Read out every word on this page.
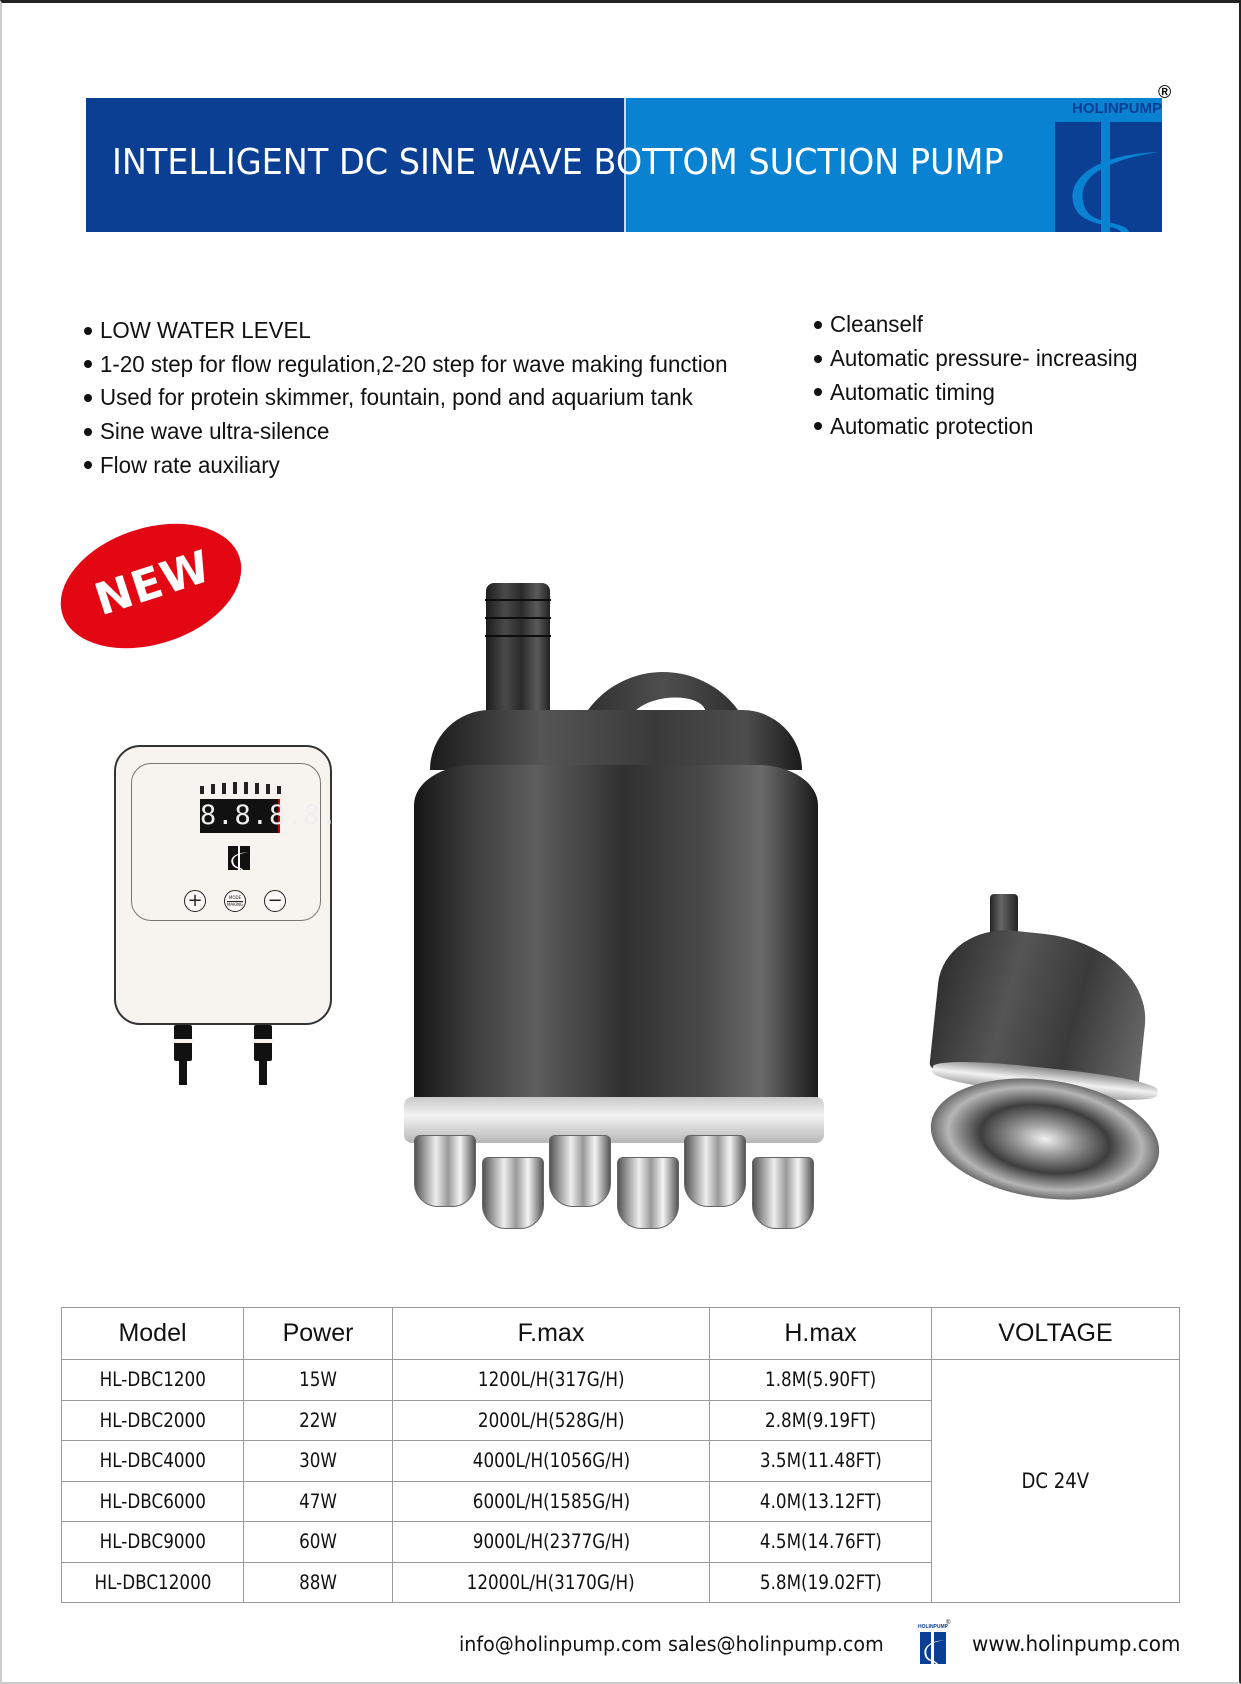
INTELLIGENT DC SINE WAVE BOTTOM SUCTION PUMP
HOLINPUMP
®
LOW WATER LEVEL
1-20 step for flow regulation,2-20 step for wave making function
Used for protein skimmer, fountain, pond and aquarium tank
Sine wave ultra-silence
Flow rate auxiliary
Cleanself
Automatic pressure- increasing
Automatic timing
Automatic protection
NEW
8.8.8.8.
+	MODE
MAKING −
Model	Power	F.max	H.max	VOLTAGE
HL-DBC1200	15W	1200L/H(317G/H)	1.8M(5.90FT)	DC 24V
HL-DBC2000	22W	2000L/H(528G/H)	2.8M(9.19FT)	
HL-DBC4000	30W	4000L/H(1056G/H)	3.5M(11.48FT)	
HL-DBC6000	47W	6000L/H(1585G/H)	4.0M(13.12FT)	
HL-DBC9000	60W	9000L/H(2377G/H)	4.5M(14.76FT)	
HL-DBC12000	88W	12000L/H(3170G/H)	5.8M(19.02FT)	
info@holinpump.com sales@holinpump.com
HOLINPUMP
®
www.holinpump.com
